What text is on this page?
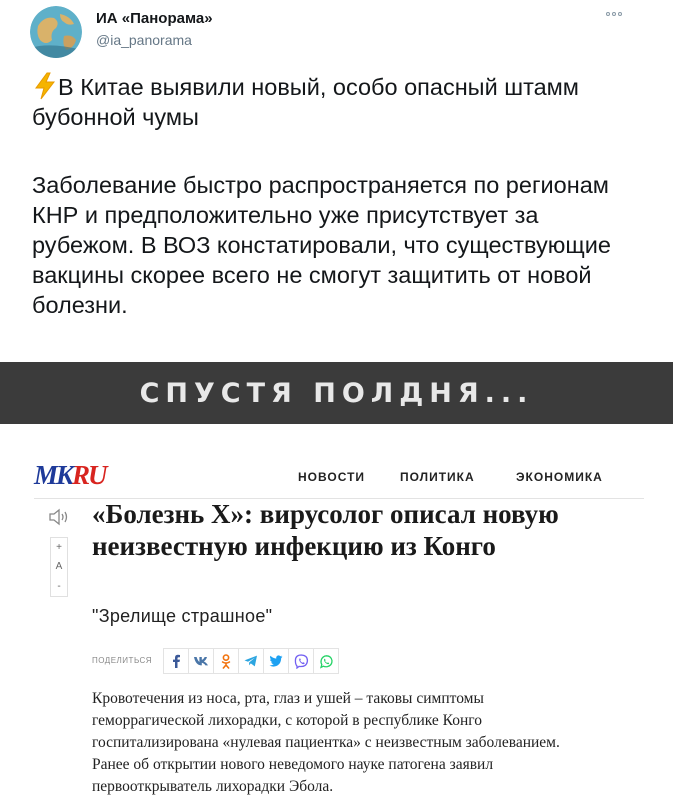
ИА «Панорама»
@ia_panorama
В Китае выявили новый, особо опасный штамм бубонной чумы
Заболевание быстро распространяется по регионам КНР и предположительно уже присутствует за рубежом. В ВОЗ констатировали, что существующие вакцины скорее всего не смогут защитить от новой болезни.
СПУСТЯ ПОЛДНЯ...
MKRU	НОВОСТИ	ПОЛИТИКА	ЭКОНОМИКА
+
A
-
«Болезнь Х»: вирусолог описал новую неизвестную инфекцию из Конго
"Зрелище страшное"
ПОДЕЛИТЬСЯ
Кровотечения из носа, рта, глаз и ушей – таковы симптомы геморрагической лихорадки, с которой в республике Конго госпитализирована «нулевая пациентка» с неизвестным заболеванием. Ранее об открытии нового неведомого науке патогена заявил первооткрыватель лихорадки Эбола.
